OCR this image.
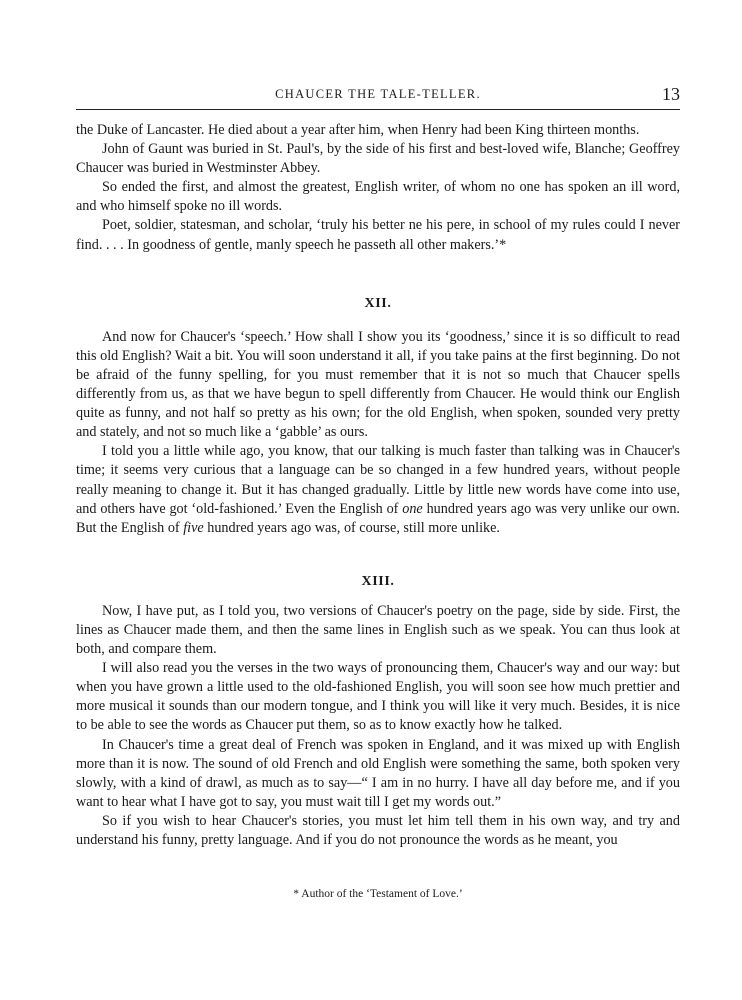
CHAUCER THE TALE-TELLER.	13

the Duke of Lancaster. He died about a year after him, when Henry had been King thirteen months.

John of Gaunt was buried in St. Paul's, by the side of his first and best-loved wife, Blanche; Geoffrey Chaucer was buried in Westminster Abbey.

So ended the first, and almost the greatest, English writer, of whom no one has spoken an ill word, and who himself spoke no ill words.

Poet, soldier, statesman, and scholar, ‘truly his better ne his pere, in school of my rules could I never find. . . . In goodness of gentle, manly speech he passeth all other makers.’*

XII.

And now for Chaucer's ‘speech.’ How shall I show you its ‘goodness,’ since it is so difficult to read this old English? Wait a bit. You will soon understand it all, if you take pains at the first beginning. Do not be afraid of the funny spelling, for you must remember that it is not so much that Chaucer spells differently from us, as that we have begun to spell differently from Chaucer. He would think our English quite as funny, and not half so pretty as his own; for the old English, when spoken, sounded very pretty and stately, and not so much like a ‘gabble’ as ours.

I told you a little while ago, you know, that our talking is much faster than talking was in Chaucer's time; it seems very curious that a language can be so changed in a few hundred years, without people really meaning to change it. But it has changed gradually. Little by little new words have come into use, and others have got ‘old-fashioned.’ Even the English of one hundred years ago was very unlike our own. But the English of five hundred years ago was, of course, still more unlike.

XIII.

Now, I have put, as I told you, two versions of Chaucer's poetry on the page, side by side. First, the lines as Chaucer made them, and then the same lines in English such as we speak. You can thus look at both, and compare them.

I will also read you the verses in the two ways of pronouncing them, Chaucer's way and our way: but when you have grown a little used to the old-fashioned English, you will soon see how much prettier and more musical it sounds than our modern tongue, and I think you will like it very much. Besides, it is nice to be able to see the words as Chaucer put them, so as to know exactly how he talked.

In Chaucer's time a great deal of French was spoken in England, and it was mixed up with English more than it is now. The sound of old French and old English were something the same, both spoken very slowly, with a kind of drawl, as much as to say—“ I am in no hurry. I have all day before me, and if you want to hear what I have got to say, you must wait till I get my words out.”

So if you wish to hear Chaucer's stories, you must let him tell them in his own way, and try and understand his funny, pretty language. And if you do not pronounce the words as he meant, you

* Author of the ‘Testament of Love.’
